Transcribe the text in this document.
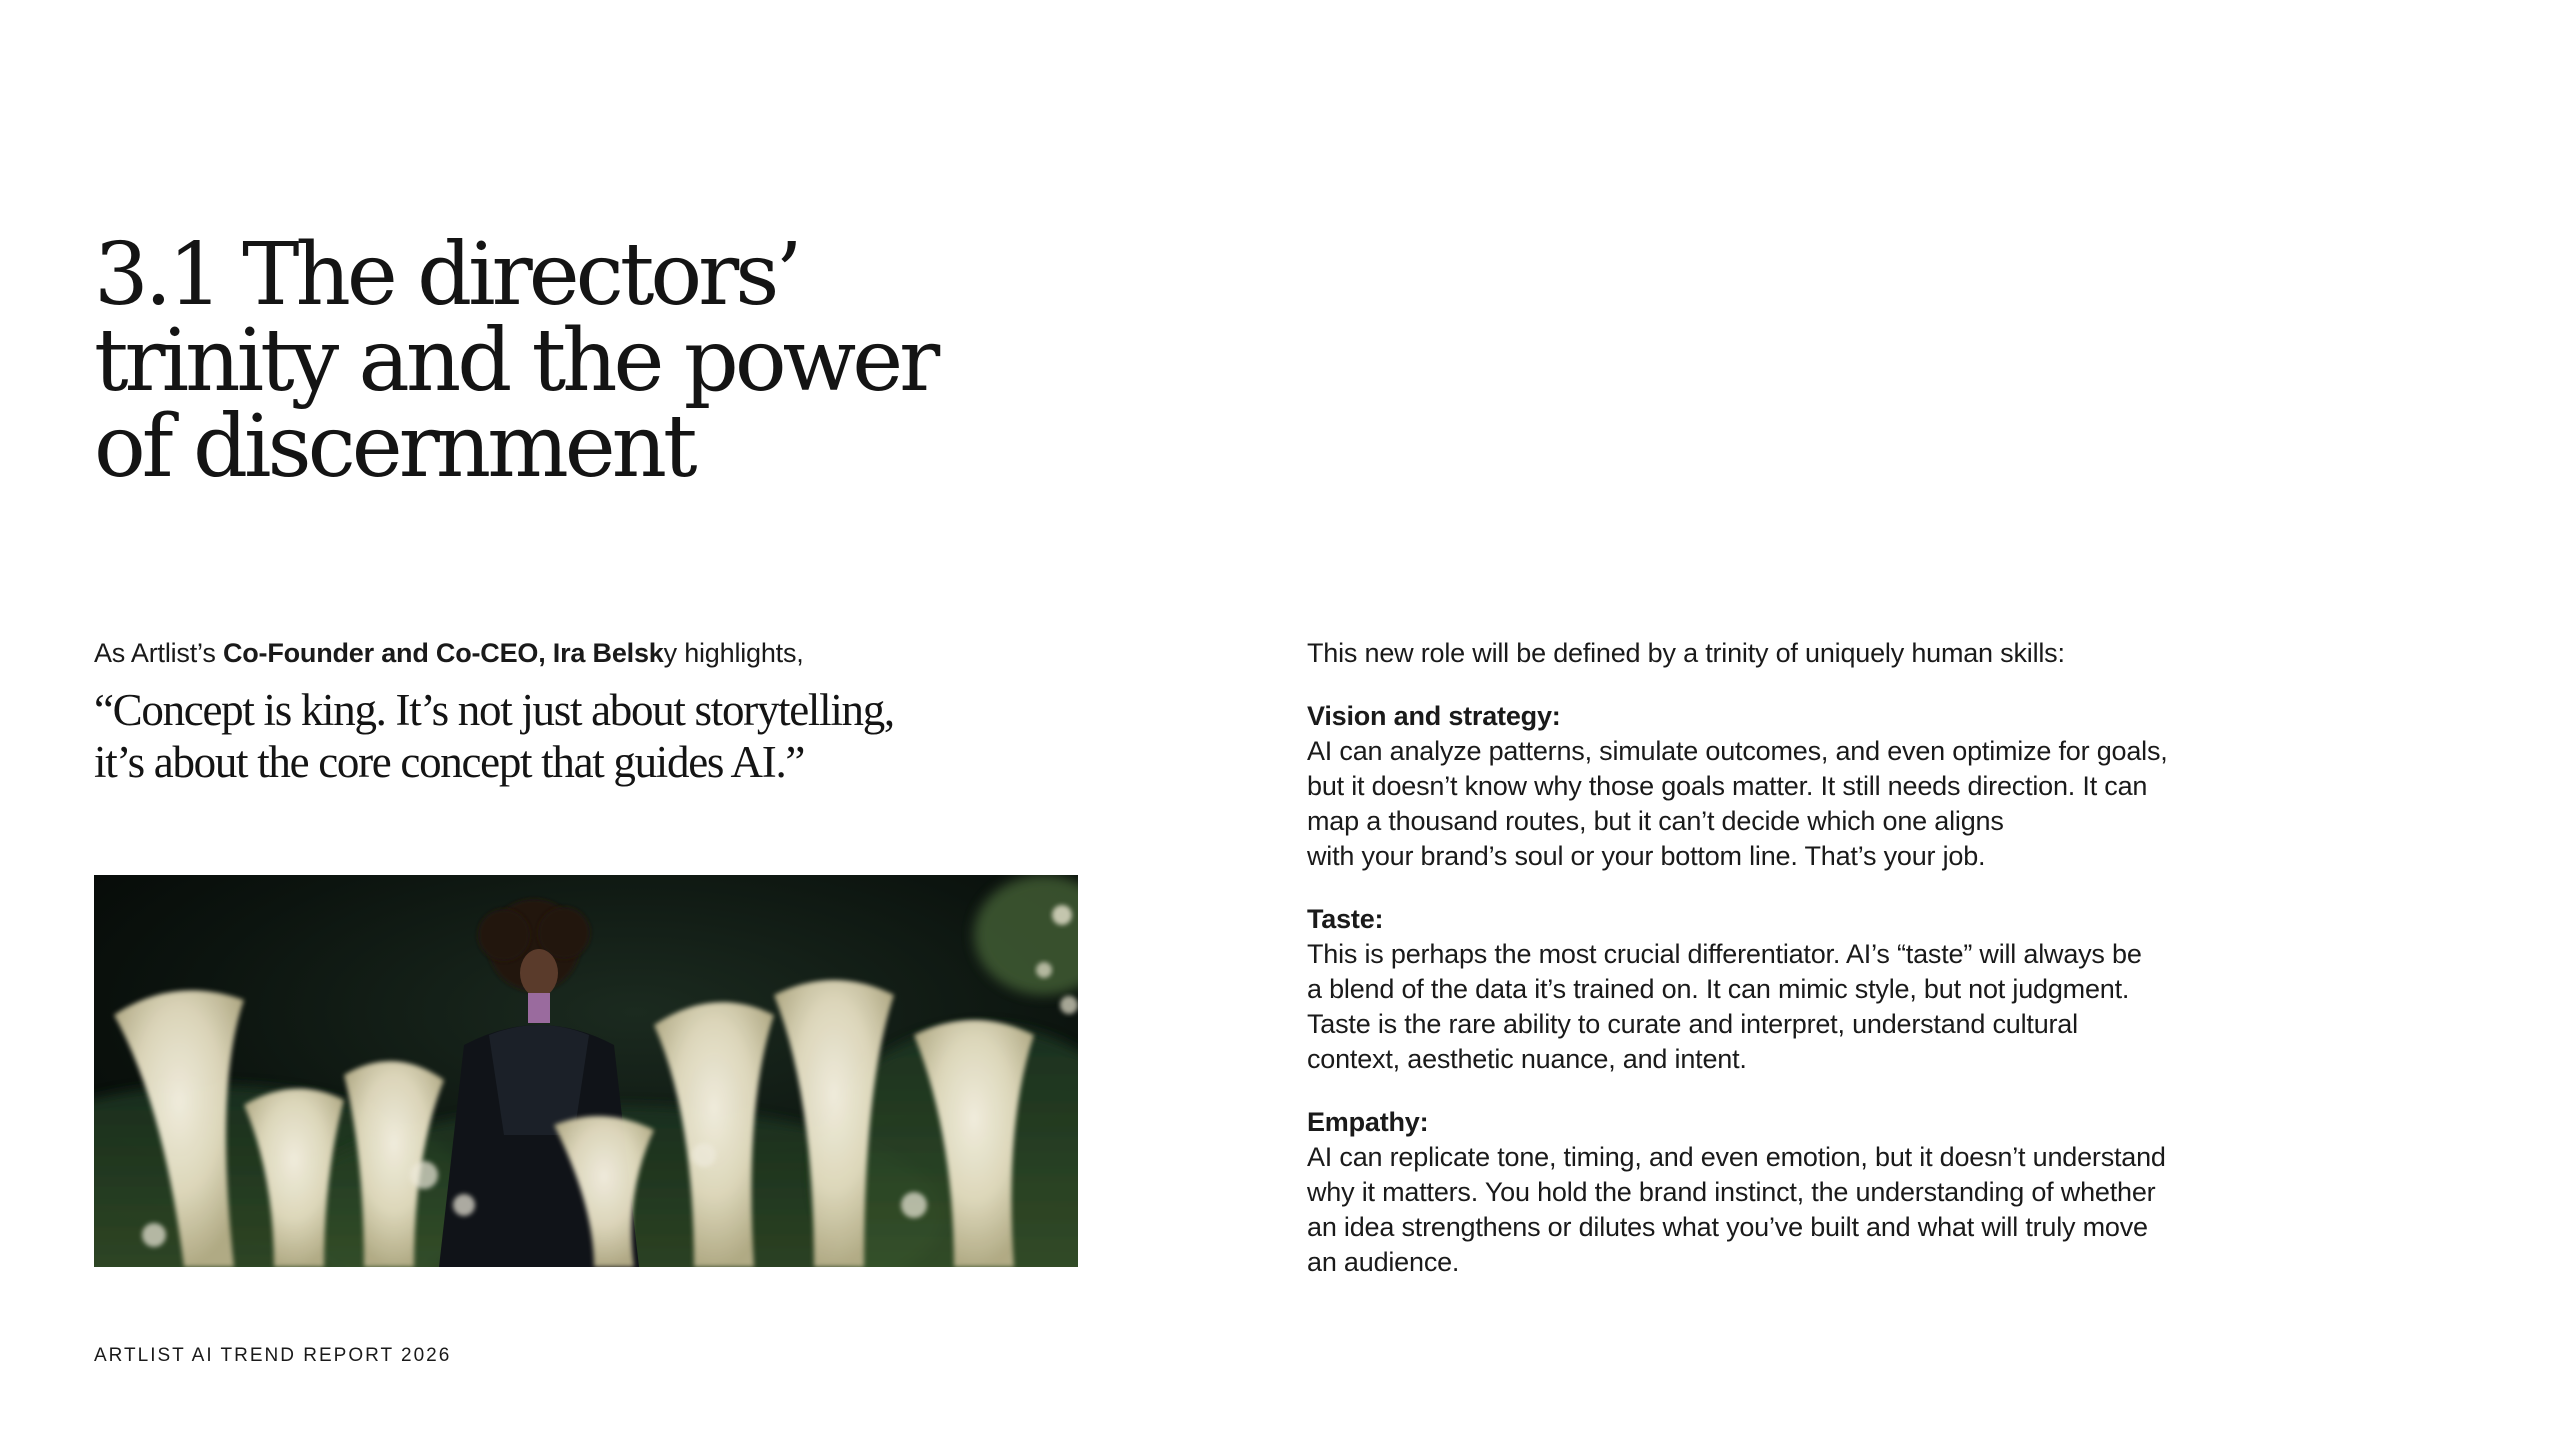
3.1 The directors’
trinity and the power
of discernment

As Artlist’s Co-Founder and Co-CEO, Ira Belsky highlights,

“Concept is king. It’s not just about storytelling,
it’s about the core concept that guides AI.”

ARTLIST AI TREND REPORT 2026

This new role will be defined by a trinity of uniquely human skills:

Vision and strategy:

AI can analyze patterns, simulate outcomes, and even optimize for goals,
but it doesn’t know why those goals matter. It still needs direction. It can
map a thousand routes, but it can’t decide which one aligns
with your brand’s soul or your bottom line. That’s your job.

Taste:

This is perhaps the most crucial differentiator. AI’s “taste” will always be
a blend of the data it’s trained on. It can mimic style, but not judgment.
Taste is the rare ability to curate and interpret, understand cultural
context, aesthetic nuance, and intent.

Empathy:

AI can replicate tone, timing, and even emotion, but it doesn’t understand
why it matters. You hold the brand instinct, the understanding of whether
an idea strengthens or dilutes what you’ve built and what will truly move
an audience.
